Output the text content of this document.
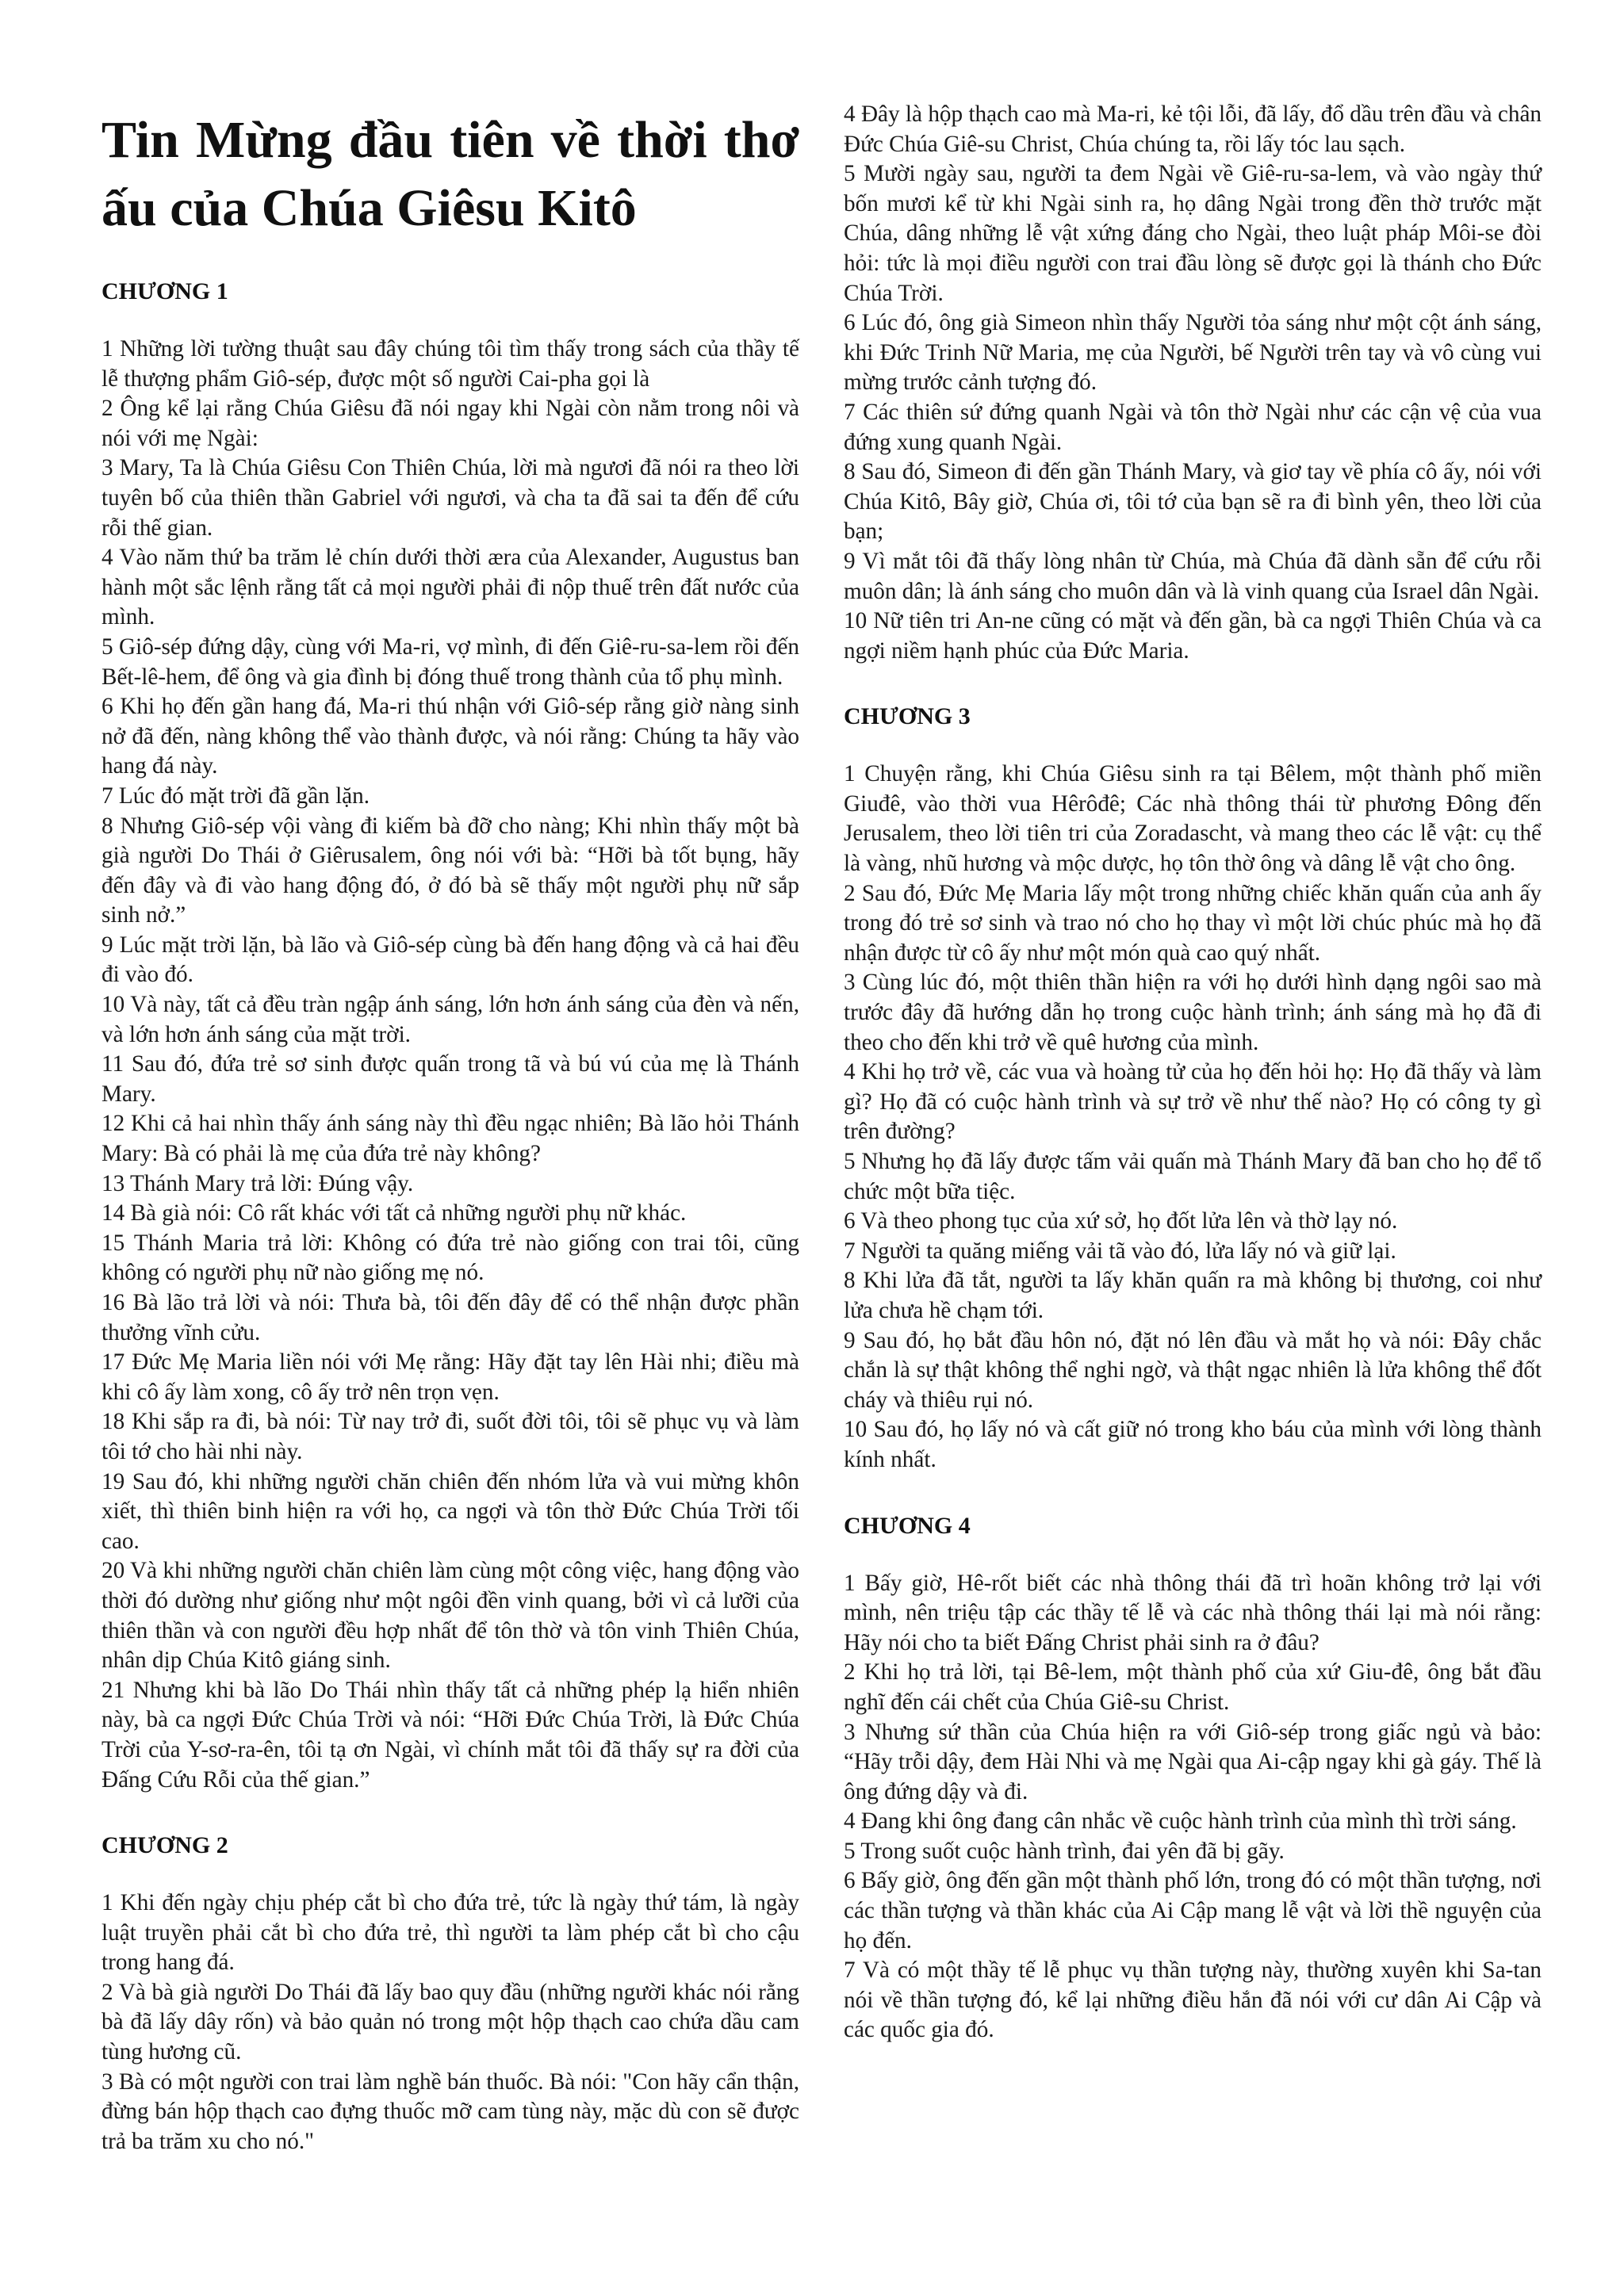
Tin Mừng đầu tiên về thời thơ ấu của Chúa Giêsu Kitô
CHƯƠNG 1

1 Những lời tường thuật sau đây chúng tôi tìm thấy trong sách của thầy tế lễ thượng phẩm Giô-sép, được một số người Cai-pha gọi là

2 Ông kể lại rằng Chúa Giêsu đã nói ngay khi Ngài còn nằm trong nôi và nói với mẹ Ngài:

3 Mary, Ta là Chúa Giêsu Con Thiên Chúa, lời mà ngươi đã nói ra theo lời tuyên bố của thiên thần Gabriel với ngươi, và cha ta đã sai ta đến để cứu rỗi thế gian.

4 Vào năm thứ ba trăm lẻ chín dưới thời æra của Alexander, Augustus ban hành một sắc lệnh rằng tất cả mọi người phải đi nộp thuế trên đất nước của mình.

5 Giô-sép đứng dậy, cùng với Ma-ri, vợ mình, đi đến Giê-ru-sa-lem rồi đến Bết-lê-hem, để ông và gia đình bị đóng thuế trong thành của tổ phụ mình.

6 Khi họ đến gần hang đá, Ma-ri thú nhận với Giô-sép rằng giờ nàng sinh nở đã đến, nàng không thể vào thành được, và nói rằng: Chúng ta hãy vào hang đá này.

7 Lúc đó mặt trời đã gần lặn.

8 Nhưng Giô-sép vội vàng đi kiếm bà đỡ cho nàng; Khi nhìn thấy một bà già người Do Thái ở Giêrusalem, ông nói với bà: “Hỡi bà tốt bụng, hãy đến đây và đi vào hang động đó, ở đó bà sẽ thấy một người phụ nữ sắp sinh nở.”

9 Lúc mặt trời lặn, bà lão và Giô-sép cùng bà đến hang động và cả hai đều đi vào đó.

10 Và này, tất cả đều tràn ngập ánh sáng, lớn hơn ánh sáng của đèn và nến, và lớn hơn ánh sáng của mặt trời.

11 Sau đó, đứa trẻ sơ sinh được quấn trong tã và bú vú của mẹ là Thánh Mary.

12 Khi cả hai nhìn thấy ánh sáng này thì đều ngạc nhiên; Bà lão hỏi Thánh Mary: Bà có phải là mẹ của đứa trẻ này không?

13 Thánh Mary trả lời: Đúng vậy.

14 Bà già nói: Cô rất khác với tất cả những người phụ nữ khác.

15 Thánh Maria trả lời: Không có đứa trẻ nào giống con trai tôi, cũng không có người phụ nữ nào giống mẹ nó.

16 Bà lão trả lời và nói: Thưa bà, tôi đến đây để có thể nhận được phần thưởng vĩnh cửu.

17 Đức Mẹ Maria liền nói với Mẹ rằng: Hãy đặt tay lên Hài nhi; điều mà khi cô ấy làm xong, cô ấy trở nên trọn vẹn.

18 Khi sắp ra đi, bà nói: Từ nay trở đi, suốt đời tôi, tôi sẽ phục vụ và làm tôi tớ cho hài nhi này.

19 Sau đó, khi những người chăn chiên đến nhóm lửa và vui mừng khôn xiết, thì thiên binh hiện ra với họ, ca ngợi và tôn thờ Đức Chúa Trời tối cao.

20 Và khi những người chăn chiên làm cùng một công việc, hang động vào thời đó dường như giống như một ngôi đền vinh quang, bởi vì cả lưỡi của thiên thần và con người đều hợp nhất để tôn thờ và tôn vinh Thiên Chúa, nhân dịp Chúa Kitô giáng sinh.

21 Nhưng khi bà lão Do Thái nhìn thấy tất cả những phép lạ hiển nhiên này, bà ca ngợi Đức Chúa Trời và nói: “Hỡi Đức Chúa Trời, là Đức Chúa Trời của Y-sơ-ra-ên, tôi tạ ơn Ngài, vì chính mắt tôi đã thấy sự ra đời của Đấng Cứu Rỗi của thế gian.”

CHƯƠNG 2

1 Khi đến ngày chịu phép cắt bì cho đứa trẻ, tức là ngày thứ tám, là ngày luật truyền phải cắt bì cho đứa trẻ, thì người ta làm phép cắt bì cho cậu trong hang đá.

2 Và bà già người Do Thái đã lấy bao quy đầu (những người khác nói rằng bà đã lấy dây rốn) và bảo quản nó trong một hộp thạch cao chứa dầu cam tùng hương cũ.

3 Bà có một người con trai làm nghề bán thuốc. Bà nói: "Con hãy cẩn thận, đừng bán hộp thạch cao đựng thuốc mỡ cam tùng này, mặc dù con sẽ được trả ba trăm xu cho nó."

4 Đây là hộp thạch cao mà Ma-ri, kẻ tội lỗi, đã lấy, đổ dầu trên đầu và chân Đức Chúa Giê-su Christ, Chúa chúng ta, rồi lấy tóc lau sạch.

5 Mười ngày sau, người ta đem Ngài về Giê-ru-sa-lem, và vào ngày thứ bốn mươi kể từ khi Ngài sinh ra, họ dâng Ngài trong đền thờ trước mặt Chúa, dâng những lễ vật xứng đáng cho Ngài, theo luật pháp Môi-se đòi hỏi: tức là mọi điều người con trai đầu lòng sẽ được gọi là thánh cho Đức Chúa Trời.

6 Lúc đó, ông già Simeon nhìn thấy Người tỏa sáng như một cột ánh sáng, khi Đức Trinh Nữ Maria, mẹ của Người, bế Người trên tay và vô cùng vui mừng trước cảnh tượng đó.

7 Các thiên sứ đứng quanh Ngài và tôn thờ Ngài như các cận vệ của vua đứng xung quanh Ngài.

8 Sau đó, Simeon đi đến gần Thánh Mary, và giơ tay về phía cô ấy, nói với Chúa Kitô, Bây giờ, Chúa ơi, tôi tớ của bạn sẽ ra đi bình yên, theo lời của bạn;

9 Vì mắt tôi đã thấy lòng nhân từ Chúa, mà Chúa đã dành sẵn để cứu rỗi muôn dân; là ánh sáng cho muôn dân và là vinh quang của Israel dân Ngài.

10 Nữ tiên tri An-ne cũng có mặt và đến gần, bà ca ngợi Thiên Chúa và ca ngợi niềm hạnh phúc của Đức Maria.

CHƯƠNG 3

1 Chuyện rằng, khi Chúa Giêsu sinh ra tại Bêlem, một thành phố miền Giuđê, vào thời vua Hêrôđê; Các nhà thông thái từ phương Đông đến Jerusalem, theo lời tiên tri của Zoradascht, và mang theo các lễ vật: cụ thể là vàng, nhũ hương và mộc dược, họ tôn thờ ông và dâng lễ vật cho ông.

2 Sau đó, Đức Mẹ Maria lấy một trong những chiếc khăn quấn của anh ấy trong đó trẻ sơ sinh và trao nó cho họ thay vì một lời chúc phúc mà họ đã nhận được từ cô ấy như một món quà cao quý nhất.

3 Cùng lúc đó, một thiên thần hiện ra với họ dưới hình dạng ngôi sao mà trước đây đã hướng dẫn họ trong cuộc hành trình; ánh sáng mà họ đã đi theo cho đến khi trở về quê hương của mình.

4 Khi họ trở về, các vua và hoàng tử của họ đến hỏi họ: Họ đã thấy và làm gì? Họ đã có cuộc hành trình và sự trở về như thế nào? Họ có công ty gì trên đường?

5 Nhưng họ đã lấy được tấm vải quấn mà Thánh Mary đã ban cho họ để tổ chức một bữa tiệc.

6 Và theo phong tục của xứ sở, họ đốt lửa lên và thờ lạy nó.

7 Người ta quăng miếng vải tã vào đó, lửa lấy nó và giữ lại.

8 Khi lửa đã tắt, người ta lấy khăn quấn ra mà không bị thương, coi như lửa chưa hề chạm tới.

9 Sau đó, họ bắt đầu hôn nó, đặt nó lên đầu và mắt họ và nói: Đây chắc chắn là sự thật không thể nghi ngờ, và thật ngạc nhiên là lửa không thể đốt cháy và thiêu rụi nó.

10 Sau đó, họ lấy nó và cất giữ nó trong kho báu của mình với lòng thành kính nhất.

CHƯƠNG 4

1 Bấy giờ, Hê-rốt biết các nhà thông thái đã trì hoãn không trở lại với mình, nên triệu tập các thầy tế lễ và các nhà thông thái lại mà nói rằng: Hãy nói cho ta biết Đấng Christ phải sinh ra ở đâu?

2 Khi họ trả lời, tại Bê-lem, một thành phố của xứ Giu-đê, ông bắt đầu nghĩ đến cái chết của Chúa Giê-su Christ.

3 Nhưng sứ thần của Chúa hiện ra với Giô-sép trong giấc ngủ và bảo: “Hãy trỗi dậy, đem Hài Nhi và mẹ Ngài qua Ai-cập ngay khi gà gáy. Thế là ông đứng dậy và đi.

4 Đang khi ông đang cân nhắc về cuộc hành trình của mình thì trời sáng.

5 Trong suốt cuộc hành trình, đai yên đã bị gãy.

6 Bấy giờ, ông đến gần một thành phố lớn, trong đó có một thần tượng, nơi các thần tượng và thần khác của Ai Cập mang lễ vật và lời thề nguyện của họ đến.

7 Và có một thầy tế lễ phục vụ thần tượng này, thường xuyên khi Sa-tan nói về thần tượng đó, kể lại những điều hắn đã nói với cư dân Ai Cập và các quốc gia đó.
